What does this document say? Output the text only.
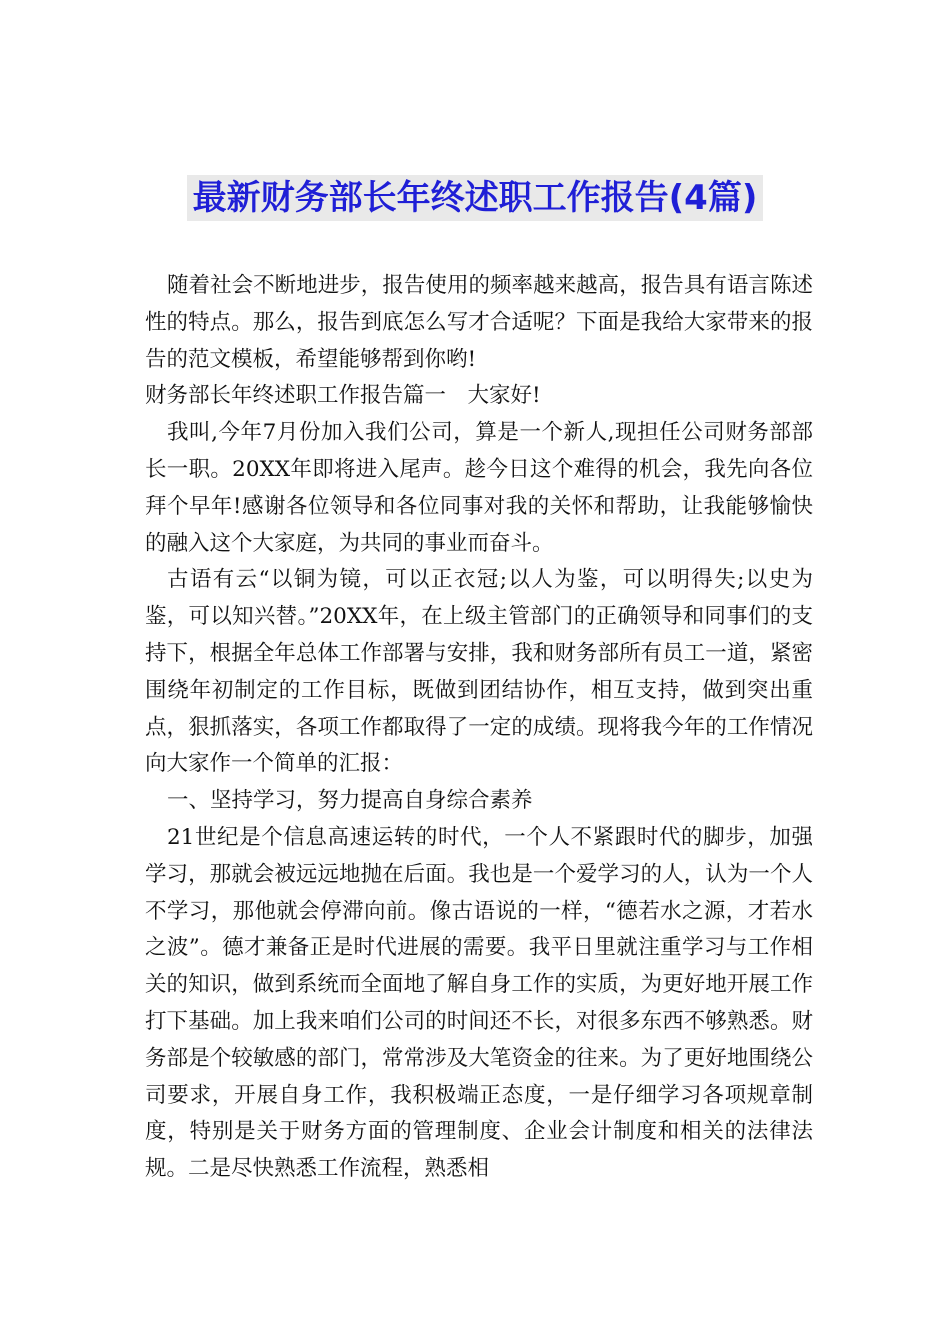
最新财务部长年终述职工作报告(4篇)

随着社会不断地进步，报告使用的频率越来越高，报告具有语言陈述性的特点。那么，报告到底怎么写才合适呢？下面是我给大家带来的报告的范文模板，希望能够帮到你哟!

财务部长年终述职工作报告篇一　大家好!

我叫,今年7月份加入我们公司，算是一个新人,现担任公司财务部部长一职。20XX年即将进入尾声。趁今日这个难得的机会，我先向各位拜个早年!感谢各位领导和各位同事对我的关怀和帮助，让我能够愉快的融入这个大家庭，为共同的事业而奋斗。

古语有云“以铜为镜，可以正衣冠;以人为鉴，可以明得失;以史为鉴，可以知兴替。”20XX年，在上级主管部门的正确领导和同事们的支持下，根据全年总体工作部署与安排，我和财务部所有员工一道，紧密围绕年初制定的工作目标，既做到团结协作，相互支持，做到突出重点，狠抓落实，各项工作都取得了一定的成绩。现将我今年的工作情况向大家作一个简单的汇报：

一、坚持学习，努力提高自身综合素养

21世纪是个信息高速运转的时代，一个人不紧跟时代的脚步，加强学习，那就会被远远地抛在后面。我也是一个爱学习的人，认为一个人不学习，那他就会停滞向前。像古语说的一样，“德若水之源，才若水之波”。德才兼备正是时代进展的需要。我平日里就注重学习与工作相关的知识，做到系统而全面地了解自身工作的实质，为更好地开展工作打下基础。加上我来咱们公司的时间还不长，对很多东西不够熟悉。财务部是个较敏感的部门，常常涉及大笔资金的往来。为了更好地围绕公司要求，开展自身工作，我积极端正态度，一是仔细学习各项规章制度，特别是关于财务方面的管理制度、企业会计制度和相关的法律法规。二是尽快熟悉工作流程，熟悉相
